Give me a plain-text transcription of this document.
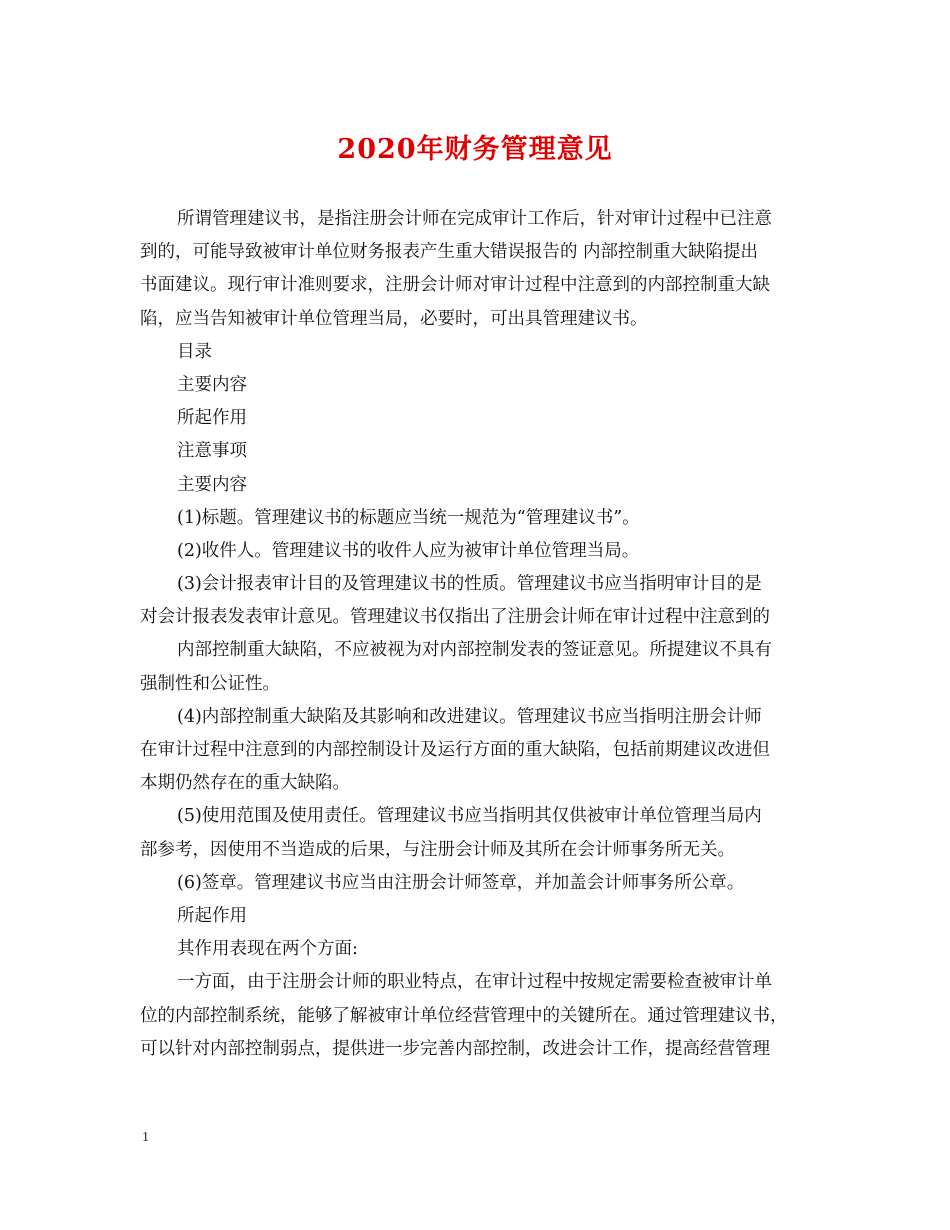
2020年财务管理意见
所谓管理建议书，是指注册会计师在完成审计工作后，针对审计过程中已注意
到的，可能导致被审计单位财务报表产生重大错误报告的 内部控制重大缺陷提出
书面建议。现行审计准则要求，注册会计师对审计过程中注意到的内部控制重大缺
陷，应当告知被审计单位管理当局，必要时，可出具管理建议书。
目录
主要内容
所起作用
注意事项
主要内容
(1)标题。管理建议书的标题应当统一规范为“管理建议书”。
(2)收件人。管理建议书的收件人应为被审计单位管理当局。
(3)会计报表审计目的及管理建议书的性质。管理建议书应当指明审计目的是
对会计报表发表审计意见。管理建议书仅指出了注册会计师在审计过程中注意到的
内部控制重大缺陷，不应被视为对内部控制发表的签证意见。所提建议不具有
强制性和公证性。
(4)内部控制重大缺陷及其影响和改进建议。管理建议书应当指明注册会计师
在审计过程中注意到的内部控制设计及运行方面的重大缺陷，包括前期建议改进但
本期仍然存在的重大缺陷。
(5)使用范围及使用责任。管理建议书应当指明其仅供被审计单位管理当局内
部参考，因使用不当造成的后果，与注册会计师及其所在会计师事务所无关。
(6)签章。管理建议书应当由注册会计师签章，并加盖会计师事务所公章。
所起作用
其作用表现在两个方面:
一方面，由于注册会计师的职业特点，在审计过程中按规定需要检查被审计单
位的内部控制系统，能够了解被审计单位经营管理中的关键所在。通过管理建议书，
可以针对内部控制弱点，提供进一步完善内部控制，改进会计工作，提高经营管理
1
